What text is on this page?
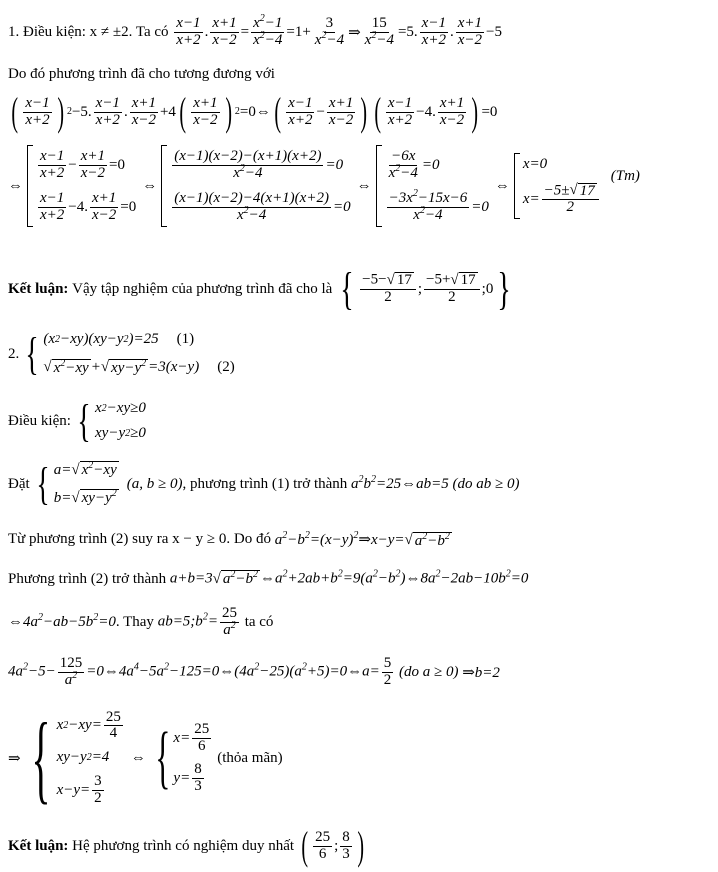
1. Điều kiện: x ≠ ±2. Ta có
$\frac{x-1}{x+2}$ . $\frac{x+1}{x-2} = \frac{x^2-1}{x^2-4} =1+ \frac{3}{x^2-4}$ ⇒ $\frac{15}{x^2-4} =5$. $\frac{x-1}{x+2}$ . $\frac{x+1}{x-2} -5$
Do đó phương trình đã cho tương đương với
( $\frac{x-1}{x+2}$ ) 2 −5. $\frac{x-1}{x+2}$ . $\frac{x+1}{x-2} +4$ ( $\frac{x+1}{x-2}$ ) 2 =0⇔ ( $\frac{x-1}{x+2} - \frac{x+1}{x-2}$ ) ( $\frac{x-1}{x+2} -4$. $\frac{x+1}{x-2}$ ) =0
⇔
$\frac{x-1}{x+2} - \frac{x+1}{x-2} =0$
$\frac{x-1}{x+2} -4$. $\frac{x+1}{x-2} =0$
⇔
$\frac{(x-1)(x-2)-(x+1)(x+2)}{x^2-4} =0$
$\frac{(x-1)(x-2)-4(x+1)(x+2)}{x^2-4} =0$
⇔
$\frac{-6x}{x^2-4} =0$
$\frac{-3x^2-15x-6}{x^2-4} =0$
⇔
x=0
$x= \frac{-5\pm√ 17}{2}$
(Tm)
Kết luận:
Vậy tập nghiệm của phương trình đã cho là
{ $\frac{-5-√ 17}{2}$ ; $\frac{-5+√ 17}{2}$ ;0 }
2. { (x 2 −xy)(xy−y 2 )=25 (1)
√ $x^2-xy$ + √ $xy-y^2 =3(x-y)$ (2)
Điều kiện: { x 2 −xy≥0
xy−y 2 ≥0
Đặt { a= √ $x^2-xy$
b= √ $xy-y^2$
(a, b ≥ 0) , phương trình (1) trở thành
$a^2b^2=25\Leftrightarrow ab=5$
(do ab ≥ 0)
Từ phương trình (2) suy ra x − y ≥ 0. Do đó
$a^2-b^2=(x-y)^2\Rightarrow x-y=√$ $a^2-b^2$
Phương trình (2) trở thành
a+b=3√ $a^2-b^2$ $\Leftrightarrow a^2+2ab+b^2=9(a^2-b^2)\Leftrightarrow 8a^2-2ab-10b^2=0$
$\Leftrightarrow 4a^2-ab-5b^2=0$ . Thay
$ab=5;b^2= \frac{25}{a^2}$
ta có
$4a^2-5- \frac{125}{a^2}$ $=0\Leftrightarrow 4a^4-5a^2-125=0\Leftrightarrow(4a^2-25)(a^2+5)=0\Leftrightarrow a= \frac{5}{2}$
(do a ≥ 0) ⇒b=2
⇒ { x $2 -xy= \frac{25}{4}$
xy−y 2 =4
$x-y= \frac{3}{2}$
⇔ { $x= \frac{25}{6}$
$y= \frac{8}{3}$
(thỏa mãn)
Kết luận:
Hệ phương trình có nghiệm duy nhất
( $\frac{25}{6}$ ; $\frac{8}{3}$ )
